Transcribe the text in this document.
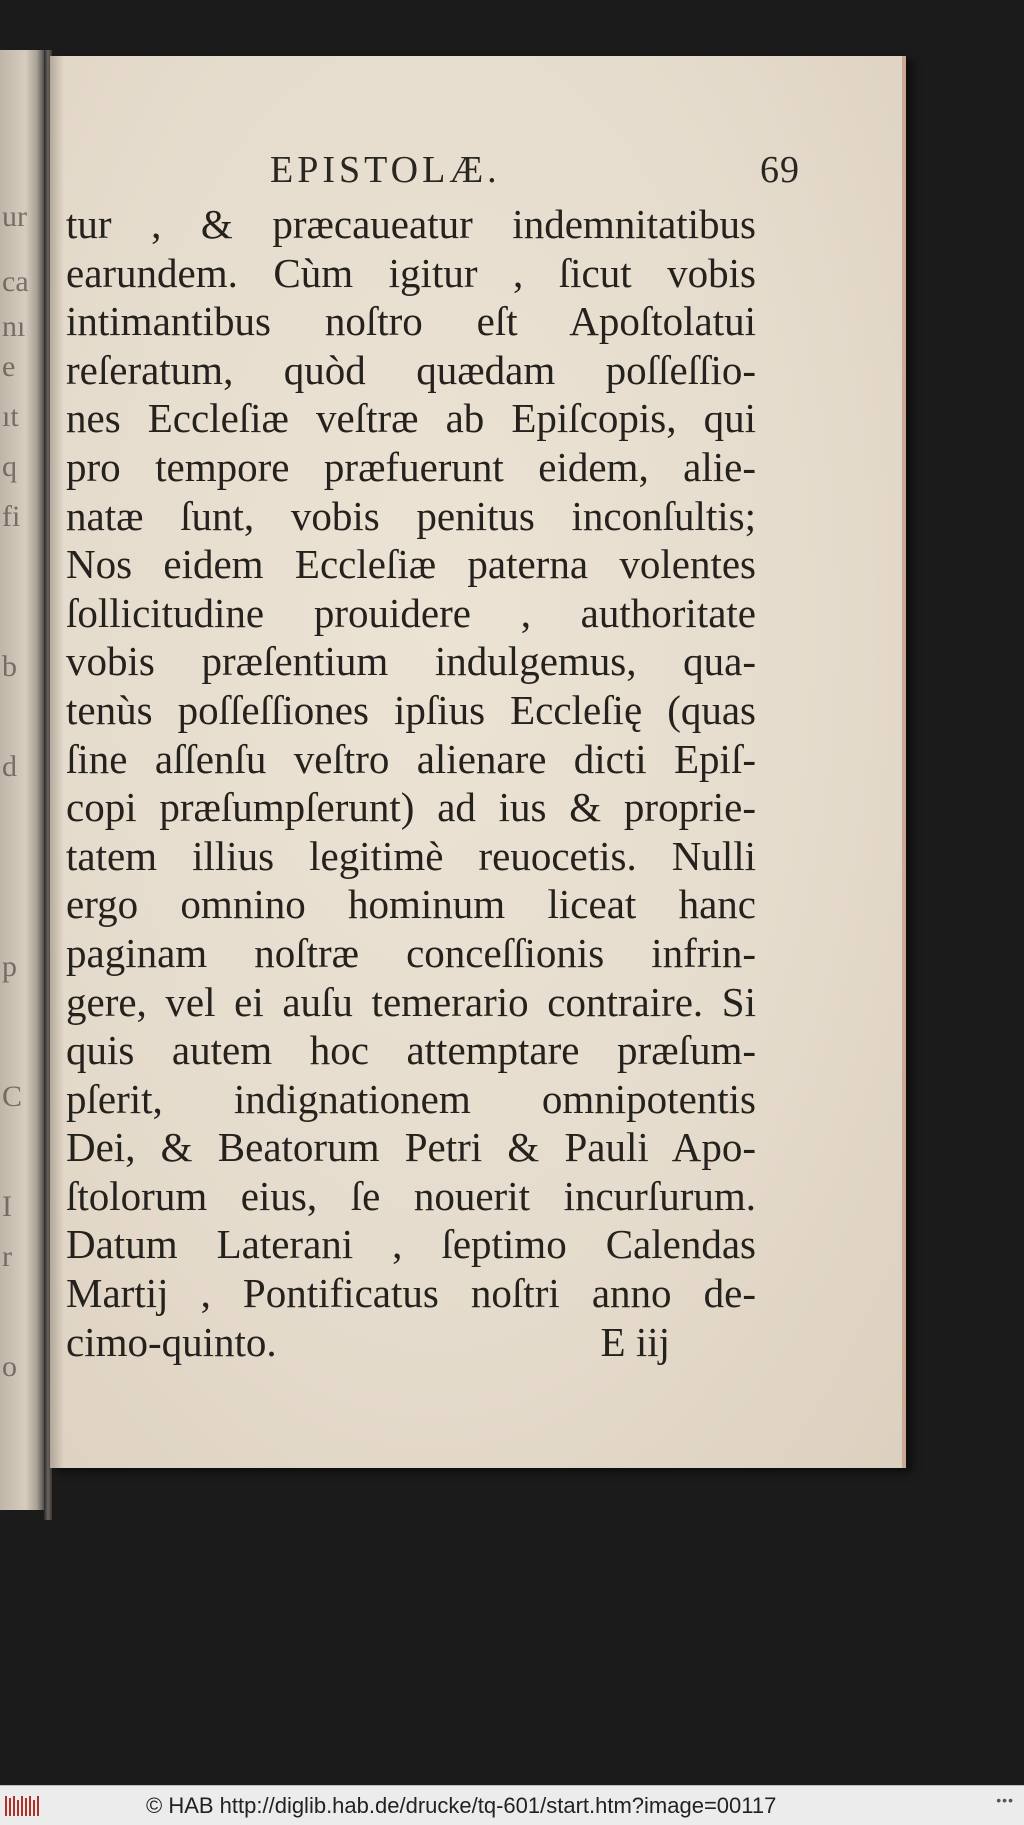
ur
ca
nı
e
ıt
q
fi
b
d
p
C
I
r
o
EPISTOLÆ.	69
tur , & præcaueatur indemnitatibus
earundem. Cùm igitur , ſicut vobis
intimantibus noſtro eſt Apoſtolatui
reſeratum, quòd quædam poſſeſſio-
nes Eccleſiæ veſtræ ab Epiſcopis, qui
pro tempore præfuerunt eidem, alie-
natæ ſunt, vobis penitus inconſultis;
Nos eidem Eccleſiæ paterna volentes
ſollicitudine prouidere , authoritate
vobis præſentium indulgemus, qua-
tenùs poſſeſſiones ipſius Eccleſię (quas
ſine aſſenſu veſtro alienare dicti Epiſ-
copi præſumpſerunt) ad ius & proprie-
tatem illius legitimè reuocetis. Nulli
ergo omnino hominum liceat hanc
paginam noſtræ conceſſionis infrin-
gere, vel ei auſu temerario contraire. Si
quis autem hoc attemptare præſum-
pſerit, indignationem omnipotentis
Dei, & Beatorum Petri & Pauli Apo-
ſtolorum eius, ſe nouerit incurſurum.
Datum Laterani , ſeptimo Calendas
Martij , Pontificatus noſtri anno de-
cimo-quinto.	E iij
© HAB http://diglib.hab.de/drucke/tq-601/start.htm?image=00117	•••
